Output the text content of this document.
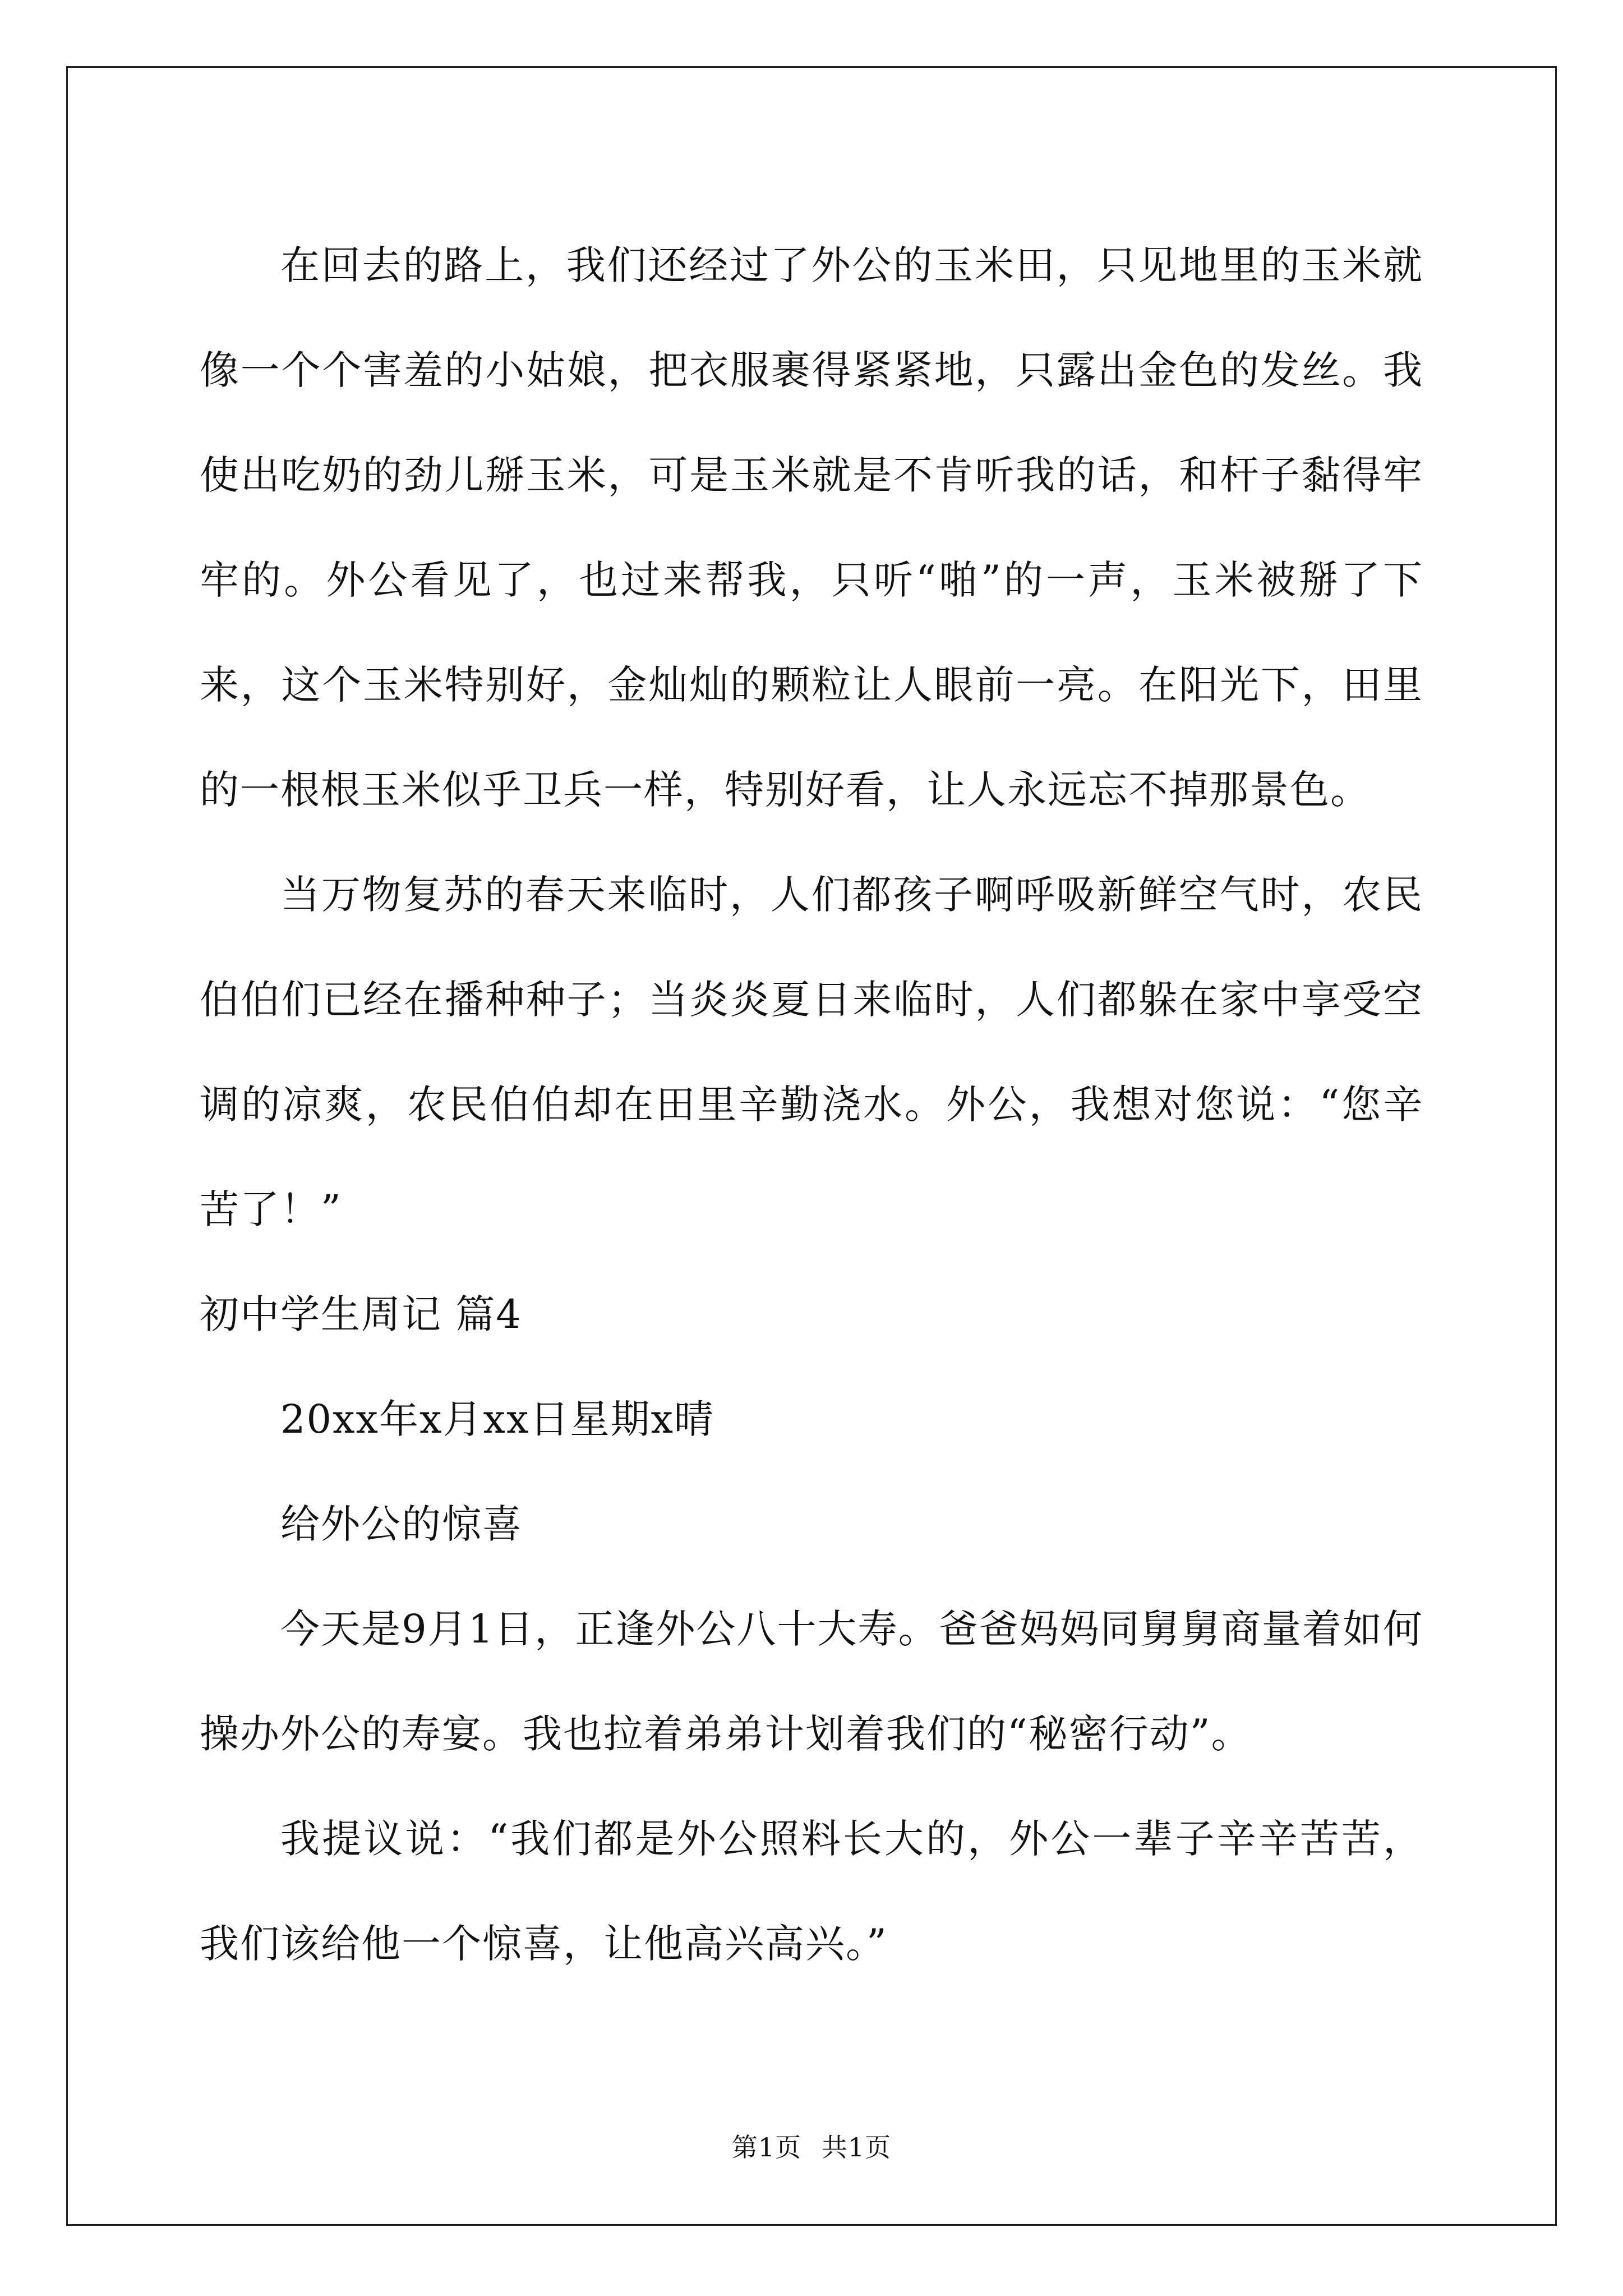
在回去的路上，我们还经过了外公的玉米田，只见地里的玉米就像一个个害羞的小姑娘，把衣服裹得紧紧地，只露出金色的发丝。我使出吃奶的劲儿掰玉米，可是玉米就是不肯听我的话，和杆子黏得牢牢的。外公看见了，也过来帮我，只听“啪”的一声，玉米被掰了下来，这个玉米特别好，金灿灿的颗粒让人眼前一亮。在阳光下，田里的一根根玉米似乎卫兵一样，特别好看，让人永远忘不掉那景色。

当万物复苏的春天来临时，人们都孩子啊呼吸新鲜空气时，农民伯伯们已经在播种种子；当炎炎夏日来临时，人们都躲在家中享受空调的凉爽，农民伯伯却在田里辛勤浇水。外公，我想对您说：“您辛苦了！”

初中学生周记 篇4

20xx年x月xx日星期x晴

给外公的惊喜

今天是9月1日，正逢外公八十大寿。爸爸妈妈同舅舅商量着如何操办外公的寿宴。我也拉着弟弟计划着我们的“秘密行动”。

我提议说：“我们都是外公照料长大的，外公一辈子辛辛苦苦，我们该给他一个惊喜，让他高兴高兴。”

第1页 共1页
